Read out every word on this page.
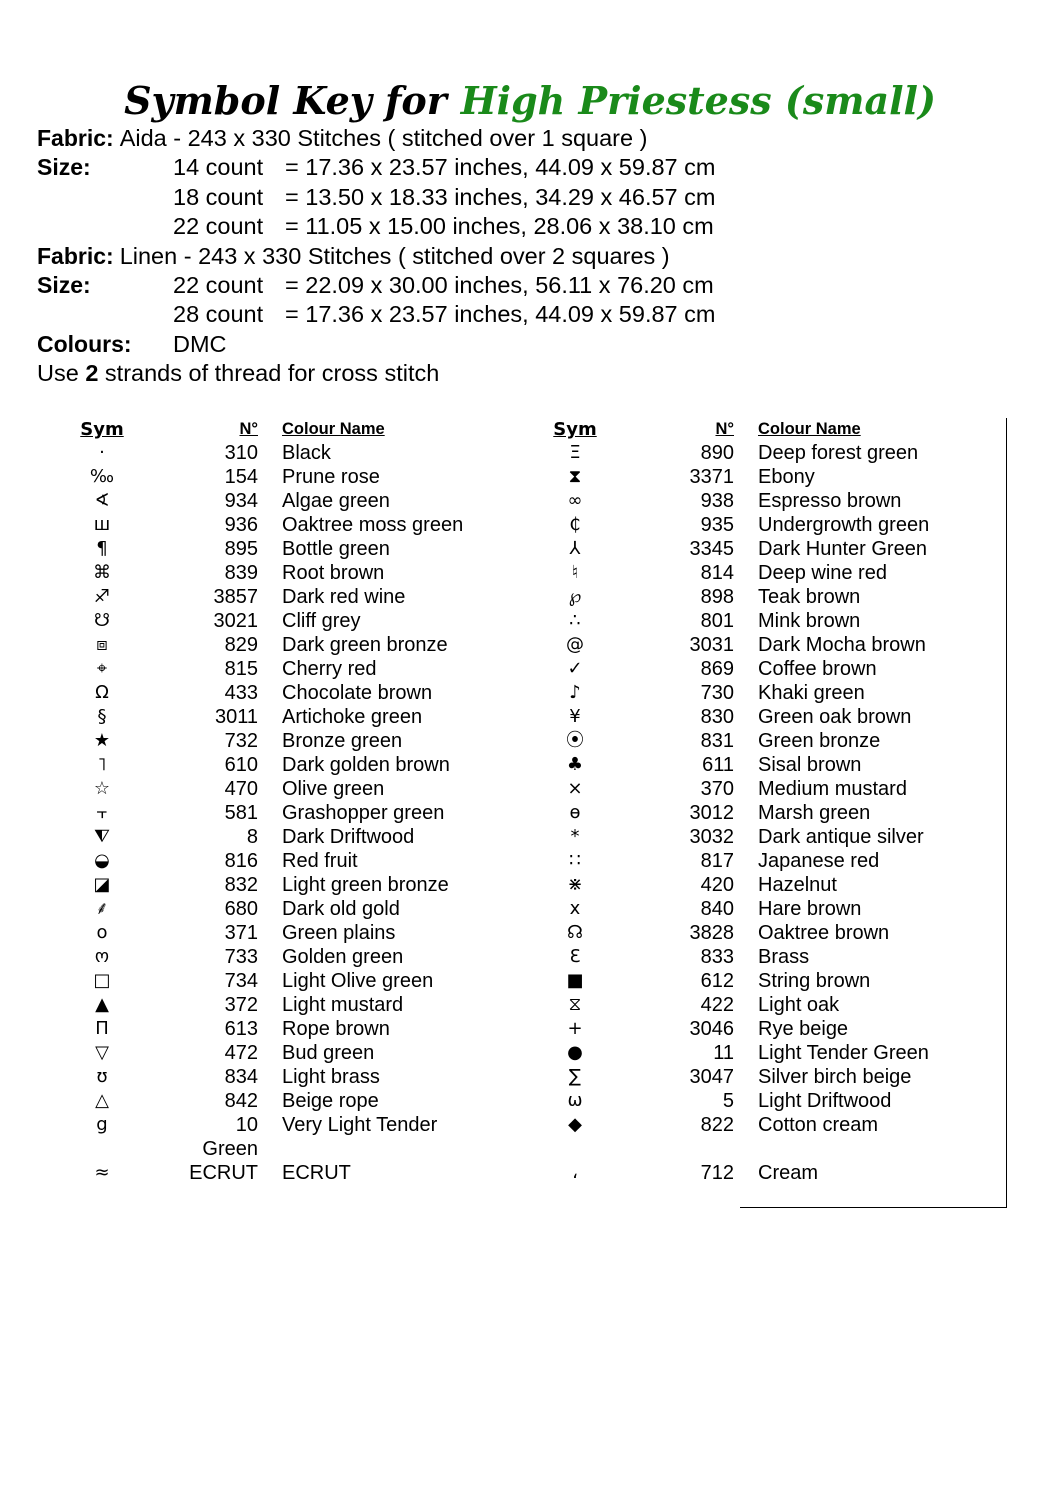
Symbol Key for High Priestess (small)
Fabric: Aida - 243 x 330 Stitches ( stitched over 1 square )
Size:	14 count = 17.36 x 23.57 inches, 44.09 x 59.87 cm
18 count = 13.50 x 18.33 inches, 34.29 x 46.57 cm
22 count = 11.05 x 15.00 inches, 28.06 x 38.10 cm
Fabric: Linen - 243 x 330 Stitches ( stitched over 2 squares )
Size:	22 count = 22.09 x 30.00 inches, 56.11 x 76.20 cm
28 count = 17.36 x 23.57 inches, 44.09 x 59.87 cm
Colours: DMC
Use 2 strands of thread for cross stitch
Sym	N°	Colour Name
·	310	Black
‰	154	Prune rose
∢	934	Algae green
ш	936	Oaktree moss green
¶	895	Bottle green
⌘	839	Root brown
♐	3857	Dark red wine
☋	3021	Cliff grey
⧈	829	Dark green bronze
⌖	815	Cherry red
Ω	433	Chocolate brown
§	3011	Artichoke green
★	732	Bronze green
˥	610	Dark golden brown
☆	470	Olive green
⫟	581	Grashopper green
⧨	8	Dark Driftwood
◒	816	Red fruit
◪	832	Light green bronze
⸙	680	Dark old gold
o	371	Green plains
ო	733	Golden green
□	734	Light Olive green
▲	372	Light mustard
Π	613	Rope brown
▽	472	Bud green
ʊ	834	Light brass
△	842	Beige rope
g	10	Very Light Tender
	Green	
≈	ECRUT	ECRUT
Sym	N°	Colour Name
Ξ	890	Deep forest green
⧗	3371	Ebony
∞	938	Espresso brown
₵	935	Undergrowth green
⅄	3345	Dark Hunter Green
♮	814	Deep wine red
℘	898	Teak brown
∴	801	Mink brown
@	3031	Dark Mocha brown
✓	869	Coffee brown
♪	730	Khaki green
¥	830	Green oak brown
⦿	831	Green bronze
♣	611	Sisal brown
⨯	370	Medium mustard
ɵ	3012	Marsh green
*	3032	Dark antique silver
∷	817	Japanese red
⋇	420	Hazelnut
x	840	Hare brown
☊	3828	Oaktree brown
Ɛ	833	Brass
■	612	String brown
⧖	422	Light oak
+	3046	Rye beige
●	11	Light Tender Green
∑	3047	Silver birch beige
ω	5	Light Driftwood
◆	822	Cotton cream

،	712	Cream
